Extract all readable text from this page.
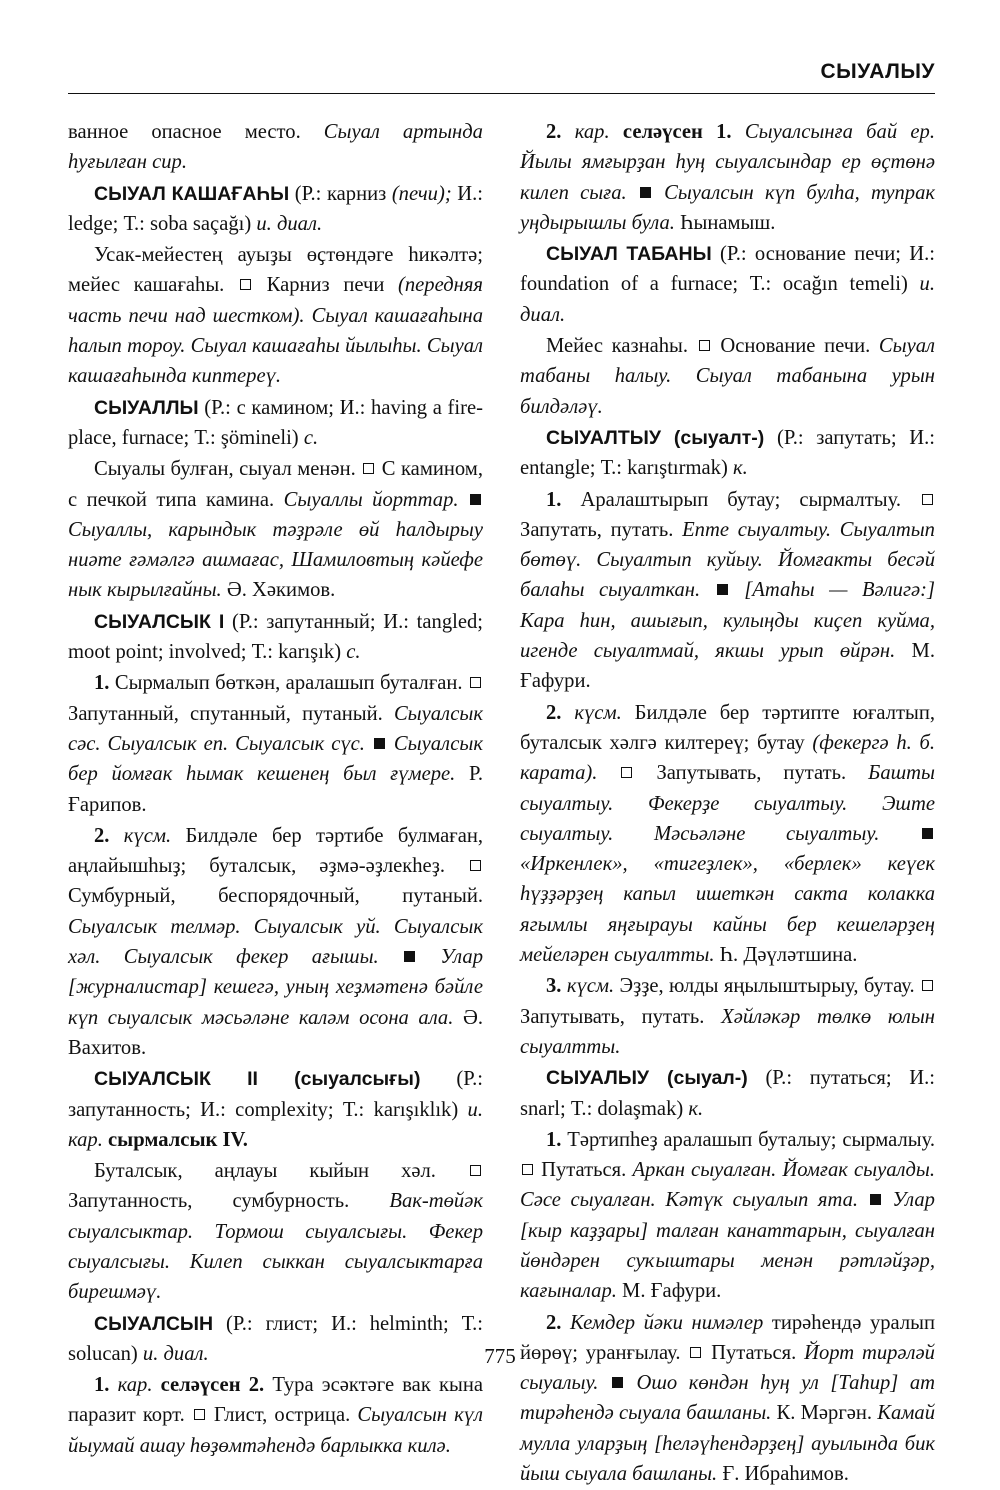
СЫУАЛЫУ

ванное опасное место. Сыуал артында һуғылған сир.

СЫУАЛ КАШАҒАҺЫ (Р.: карниз (печи); И.: ledge; Т.: soba saçağı) и. диал.

Усак-мейестең ауыҙы өҫтөндәге һикәлтә; мейес кашағаһы. Карниз печи (передняя часть печи над шестком). Сыуал кашағаһына һалып тороу. Сыуал кашағаһы йылыһы. Сыуал кашағаһында киптереү.

СЫУАЛЛЫ (Р.: с камином; И.: having a fire-place, furnace; Т.: şömineli) с.

Сыуалы булған, сыуал менән. С камином, с печкой типа камина. Сыуаллы йорттар.  Сыуаллы, карындык тәҙрәле өй һалдырыу ниәте ғәмәлгә ашмағас, Шамиловтың кәйефе нык кырылғайны. Ә. Хәкимов.

СЫУАЛСЫК I (Р.: запутанный; И.: tangled; moot point; involved; Т.: karışık) с.

1. Сырмалып бөткән, аралашып буталған.  Запутанный, спутанный, путаный. Сыуалсык сәс. Сыуалсык еп. Сыуалсык сүс. Сыуалсык бер йомғак һымак кешенең был ғүмере. Р. Ғарипов.

2. күсм. Билдәле бер тәртибе булмаған, аңлайышһыҙ; буталсык, әҙмә-әҙлекһеҙ.  Сумбурный, беспорядочный, путаный. Сыуалсык телмәр. Сыуалсык уй. Сыуалсык хәл. Сыуалсык фекер ағышы.	Улар [журналистар] кешегә, уның хеҙмәтенә бәйле күп сыуалсык мәсьәләне каләм осона ала. Ә. Вахитов.

СЫУАЛСЫК II (сыуалсығы) (Р.: запутанность; И.: complexity; Т.: karışıklık) и. кар. сырмалсык IV.

Буталсык, аңлауы кыйын хәл.  Запутанность, сумбурность. Вак-төйәк сыуалсыктар. Тормош сыуалсығы. Фекер сыуалсығы. Килеп сыккан сыуалсыктарға бирешмәү.

СЫУАЛСЫН (Р.: глист; И.: helminth; Т.: solucan) и. диал.

1. кар. селәүсен 2. Тура эсәктәге вак кына паразит корт. Глист, острица. Сыуалсын күл йыумай ашау һөҙөмтәһендә барлыкка килә.

2. кар. селәүсен 1. Сыуалсынға бай ер. Йылы ямғырҙан һуң сыуалсындар ер өҫтөнә килеп сыға. Сыуалсын күп булһа, тупрак уңдырышлы була. Һынамыш.

СЫУАЛ ТАБАНЫ (Р.: основание печи; И.: foundation of a furnace; Т.: ocağın temeli) и. диал.

Мейес казнаһы. Основание печи. Сыуал табаны һалыу. Сыуал табанына урын билдәләү.

СЫУАЛТЫУ (сыуалт-) (Р.: запутать; И.: entangle; Т.: karıştırmak) к.

1. Аралаштырып бутау; сырмалтыу.  Запутать, путать. Епте сыуалтыу. Сыуалтып бөтөү. Сыуалтып куйыу. Йомғакты бесәй балаһы сыуалткан. [Атаһы — Вәлигә:] Кара һин, ашығып, кулыңды киҫеп куйма, игенде сыуалтмай, якшы урып өйрән. М. Ғафури.

2. күсм. Билдәле бер тәртипте юғалтып, буталсык хәлгә килтереү; бутау (фекергә һ. б. карата).	Запутывать, путать. Башты сыуалтыу. Фекерҙе сыуалтыу. Эште сыуалтыу. Мәсьәләне сыуалтыу.  «Иркенлек», «тигеҙлек», «берлек» кеүек һүҙҙәрҙең капыл ишеткән сакта колакка ягымлы яңғырауы кайны бер кешеләрҙең мейеләрен сыуалтты. Һ. Дәүләтшина.

3. күсм. Эҙҙе, юлды яңылыштырыу, бутау.  Запутывать, путать. Хәйләкәр төлкө юлын сыуалтты.

СЫУАЛЫУ (сыуал-) (Р.: путаться; И.: snarl; Т.: dolaşmak) к.

1. Тәртипһеҙ аралашып буталыу; сырмалыу.  Путаться. Аркан сыуалған. Йомғак сыуалды. Сәсе сыуалған. Кәтүк сыуалып ята. Улар [кыр каҙҙары] талған канаттарын, сыуалған йөндәрен суҡыштары менән рәтләйҙәр, кағыналар. М. Ғафури.

2. Кемдер йәки нимәлер тирәһендә уралып йөрөү; уранғылау. Путаться. Йорт тирәләй сыуалыу. Ошо көндән һуң ул [Таһир] ат тирәһендә сыуала башланы. К. Мәргән. Камай мулла уларҙың [һеләүһендәрҙең] ауылында бик йыш сыуала башланы. Ғ. Ибраһимов.

775
